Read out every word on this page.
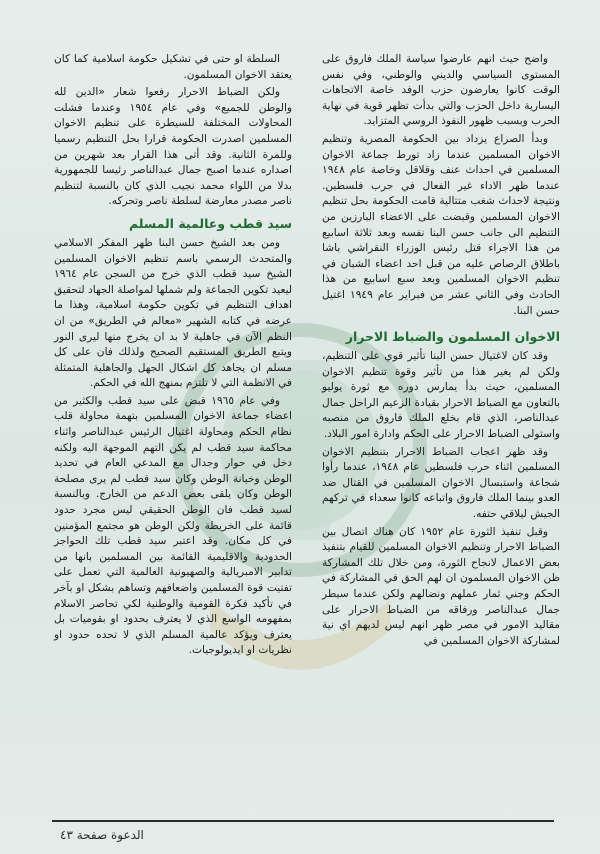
واضح حيث انهم عارضوا سياسة الملك فاروق على المستوى السياسي والديني والوطني، وفي نفس الوقت كانوا يعارضون حزب الوفد خاصة الاتجاهات اليسارية داخل الحزب والتي بدأت تظهر قوية في نهاية الحرب وبسبب ظهور النفوذ الروسي المتزايد.

وبدأ الصراع يزداد بين الحكومة المصرية وتنظيم الاخوان المسلمين عندما زاد تورط جماعة الاخوان المسلمين في احداث عنف وقلاقل وخاصة عام ١٩٤٨ عندما ظهر الاداء غير الفعال في حرب فلسطين. ونتيجة لاحداث شغب متتالية قامت الحكومة بحل تنظيم الاخوان المسلمين وقبضت على الاعضاء البارزين من التنظيم الى جانب حسن البنا نفسه وبعد ثلاثة اسابيع من هذا الاجراء قتل رئيس الوزراء النقراشي باشا باطلاق الرصاص عليه من قبل احد اعضاء الشبان في تنظيم الاخوان المسلمين وبعد سبع اسابيع من هذا الحادث وفي الثاني عشر من فبراير عام ١٩٤٩ اغتيل حسن البنا.

الاخوان المسلمون والضباط الاحرار

وقد كان لاغتيال حسن البنا تأثير قوي على التنظيم، ولكن لم يغير هذا من تأثير وقوة تنظيم الاخوان المسلمين، حيث بدأ يمارس دوره مع ثورة يوليو بالتعاون مع الضباط الاحرار بقيادة الزعيم الراحل جمال عبدالناصر، الذي قام بخلع الملك فاروق من منصبه واستولى الضباط الاحرار على الحكم وادارة امور البلاد.

وقد ظهر اعجاب الضباط الاحرار بتنظيم الاخوان المسلمين اثناء حرب فلسطين عام ١٩٤٨، عندما رأوا شجاعة واستبسال الاخوان المسلمين في القتال ضد العدو بينما الملك فاروق واتباعه كانوا سعداء في تركهم الجيش ليلاقي حتفه.

وقبل تنفيذ الثورة عام ١٩٥٢ كان هناك اتصال بين الضباط الاحرار وتنظيم الاخوان المسلمين للقيام بتنفيذ بعض الاعمال لانجاح الثورة، ومن خلال تلك المشاركة ظن الاخوان المسلمون ان لهم الحق في المشاركة في الحكم وجني ثمار عملهم ونضالهم ولكن عندما سيطر جمال عبدالناصر ورفاقه من الضباط الاحرار على مقاليد الامور في مصر ظهر انهم ليس لديهم اي نية لمشاركة الاخوان المسلمين في

السلطة او حتى في تشكيل حكومة اسلامية كما كان يعتقد الاخوان المسلمون.

ولكن الضباط الاحرار رفعوا شعار «الدين لله والوطن للجميع» وفي عام ١٩٥٤ وعندما فشلت المحاولات المختلفة للسيطرة على تنظيم الاخوان المسلمين اصدرت الحكومة قرارا بحل التنظيم رسميا وللمرة الثانية. وقد أتى هذا القرار بعد شهرين من اصداره عندما اصبح جمال عبدالناصر رئيسا للجمهورية بدلا من اللواء محمد نجيب الذي كان بالنسبة لتنظيم ناصر مصدر معارضة لسلطة ناصر وتحركه.

سيد قطب وعالمية المسلم

ومن بعد الشيخ حسن البنا ظهر المفكر الاسلامي والمتحدث الرسمي باسم تنظيم الاخوان المسلمين الشيخ سيد قطب الذي خرج من السجن عام ١٩٦٤ ليعيد تكوين الجماعة ولم شملها لمواصلة الجهاد لتحقيق اهداف التنظيم في تكوين حكومة اسلامية، وهذا ما عرضه في كتابه الشهير «معالم في الطريق» من ان النظم الآن في جاهلية لا بد ان يخرج منها ليرى النور ويتبع الطريق المستقيم الصحيح ولذلك فان على كل مسلم ان يجاهد كل اشكال الجهل والجاهلية المتمثلة في الانظمة التي لا تلتزم بمنهج الله في الحكم.

وفي عام ١٩٦٥ قبض على سيد قطب والكثير من اعضاء جماعة الاخوان المسلمين بتهمة محاولة قلب نظام الحكم ومحاولة اغتيال الرئيس عبدالناصر واثناء محاكمة سيد قطب لم يكن التهم الموجهة اليه ولكنه دخل في حوار وجدال مع المدعي العام في تحديد الوطن وخيانة الوطن وكان سيد قطب لم يرى مصلحة الوطن وكان يلقى بعض الدعم من الخارج. وبالنسبة لسيد قطب فان الوطن الحقيقي ليس مجرد حدود قائمة على الخريطة ولكن الوطن هو مجتمع المؤمنين في كل مكان. وقد اعتبر سيد قطب تلك الحواجز الحدودية والاقليمية القائمة بين المسلمين بانها من تدابير الامبريالية والصهيونية العالمية التي تعمل على تفتيت قوة المسلمين واضعافهم وتساهم بشكل او بآخر في تأكيد فكرة القومية والوطنية لكي تحاصر الاسلام بمفهومه الواسع الذي لا يعترف بحدود او بقوميات بل يعترف ويؤكد عالمية المسلم الذي لا تحده حدود او نظريات او ايديولوجيات.

الدعوة صفحة ٤٣
